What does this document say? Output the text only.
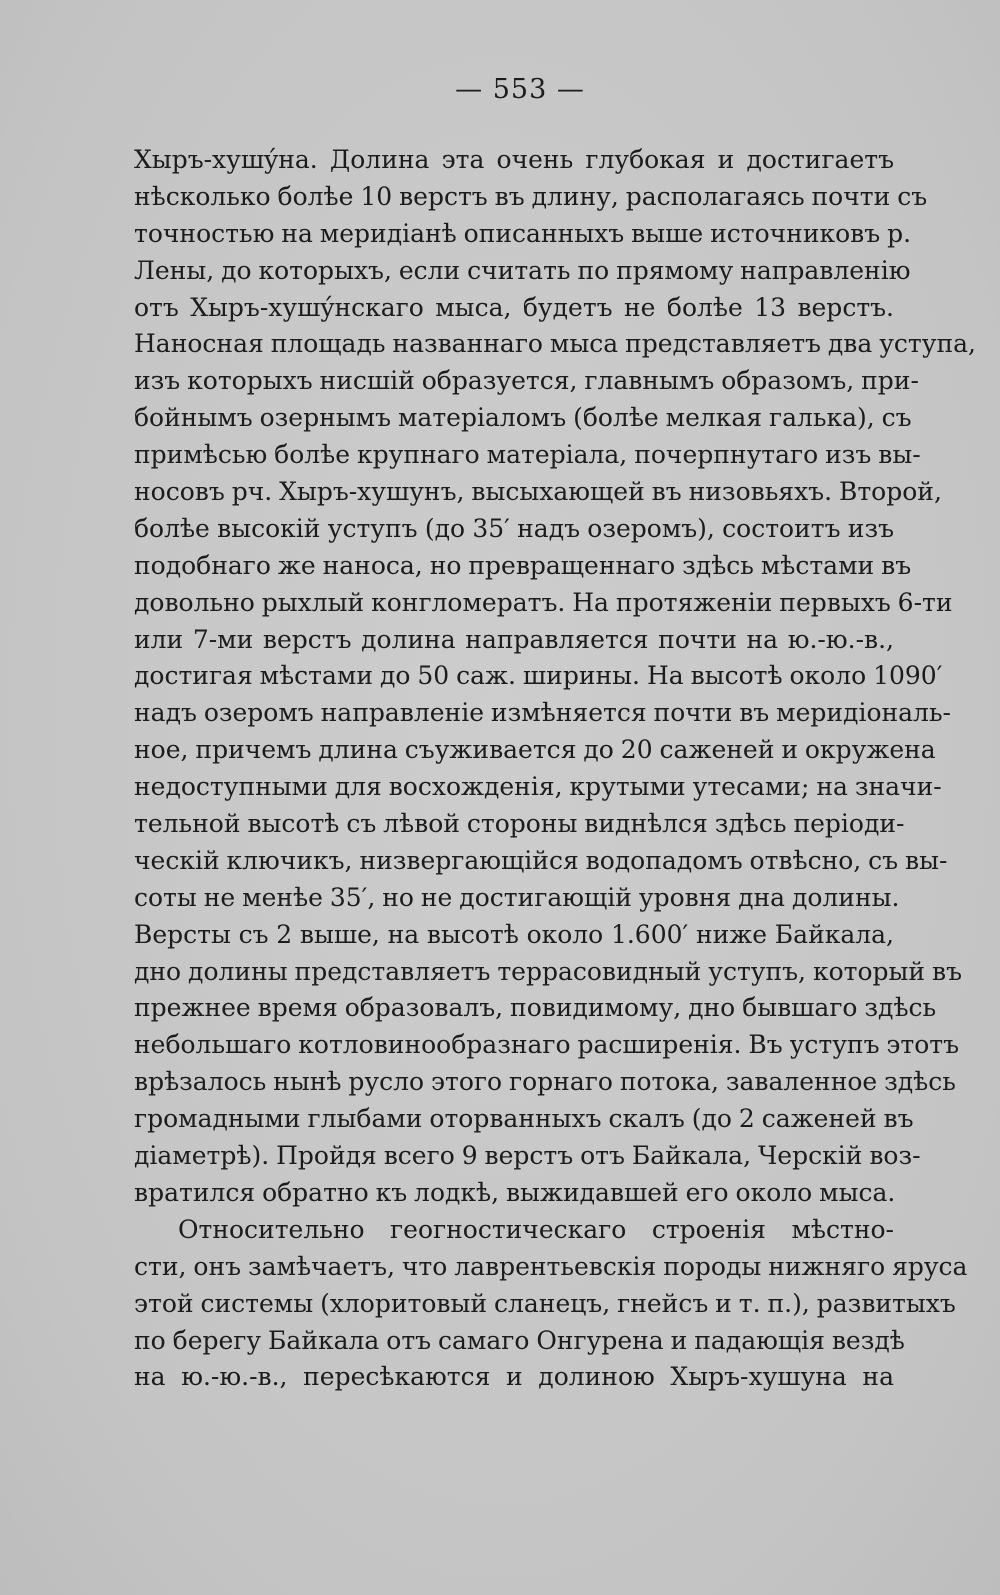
— 553 —
Хыръ-хушýна. Долина эта очень глубокая и достигаетъ
нѣсколько болѣе 10 верстъ въ длину, располагаясь почти съ
точностью на меридіанѣ описанныхъ выше источниковъ р.
Лены, до которыхъ, если считать по прямому направленію
отъ Хыръ-хушýнскаго мыса, будетъ не болѣе 13 верстъ.
Наносная площадь названнаго мыса представляетъ два уступа,
изъ которыхъ нисшій образуется, главнымъ образомъ, при-
бойнымъ озернымъ матеріаломъ (болѣе мелкая галька), съ
примѣсью болѣе крупнаго матеріала, почерпнутаго изъ вы-
носовъ рч. Хыръ-хушунъ, высыхающей въ низовьяхъ. Второй,
болѣе высокій уступъ (до 35′ надъ озеромъ), состоитъ изъ
подобнаго же наноса, но превращеннаго здѣсь мѣстами въ
довольно рыхлый конгломератъ. На протяженіи первыхъ 6-ти
или 7-ми верстъ долина направляется почти на ю.-ю.-в.,
достигая мѣстами до 50 саж. ширины. На высотѣ около 1090′
надъ озеромъ направленіе измѣняется почти въ меридіональ-
ное, причемъ длина съуживается до 20 саженей и окружена
недоступными для восхожденія, крутыми утесами; на значи-
тельной высотѣ съ лѣвой стороны виднѣлся здѣсь періоди-
ческій ключикъ, низвергающійся водопадомъ отвѣсно, съ вы-
соты не менѣе 35′, но не достигающій уровня дна долины.
Версты съ 2 выше, на высотѣ около 1.600′ ниже Байкала,
дно долины представляетъ террасовидный уступъ, который въ
прежнее время образовалъ, повидимому, дно бывшаго здѣсь
небольшаго котловинообразнаго расширенія. Въ уступъ этотъ
врѣзалось нынѣ русло этого горнаго потока, заваленное здѣсь
громадными глыбами оторванныхъ скалъ (до 2 саженей въ
діаметрѣ). Пройдя всего 9 верстъ отъ Байкала, Черскій воз-
вратился обратно къ лодкѣ, выжидавшей его около мыса.
Относительно геогностическаго строенія мѣстно-
сти, онъ замѣчаетъ, что лаврентьевскія породы нижняго яруса
этой системы (хлоритовый сланецъ, гнейсъ и т. п.), развитыхъ
по берегу Байкала отъ самаго Онгурена и падающія вездѣ
на ю.-ю.-в., пересѣкаются и долиною Хыръ-хушуна на
